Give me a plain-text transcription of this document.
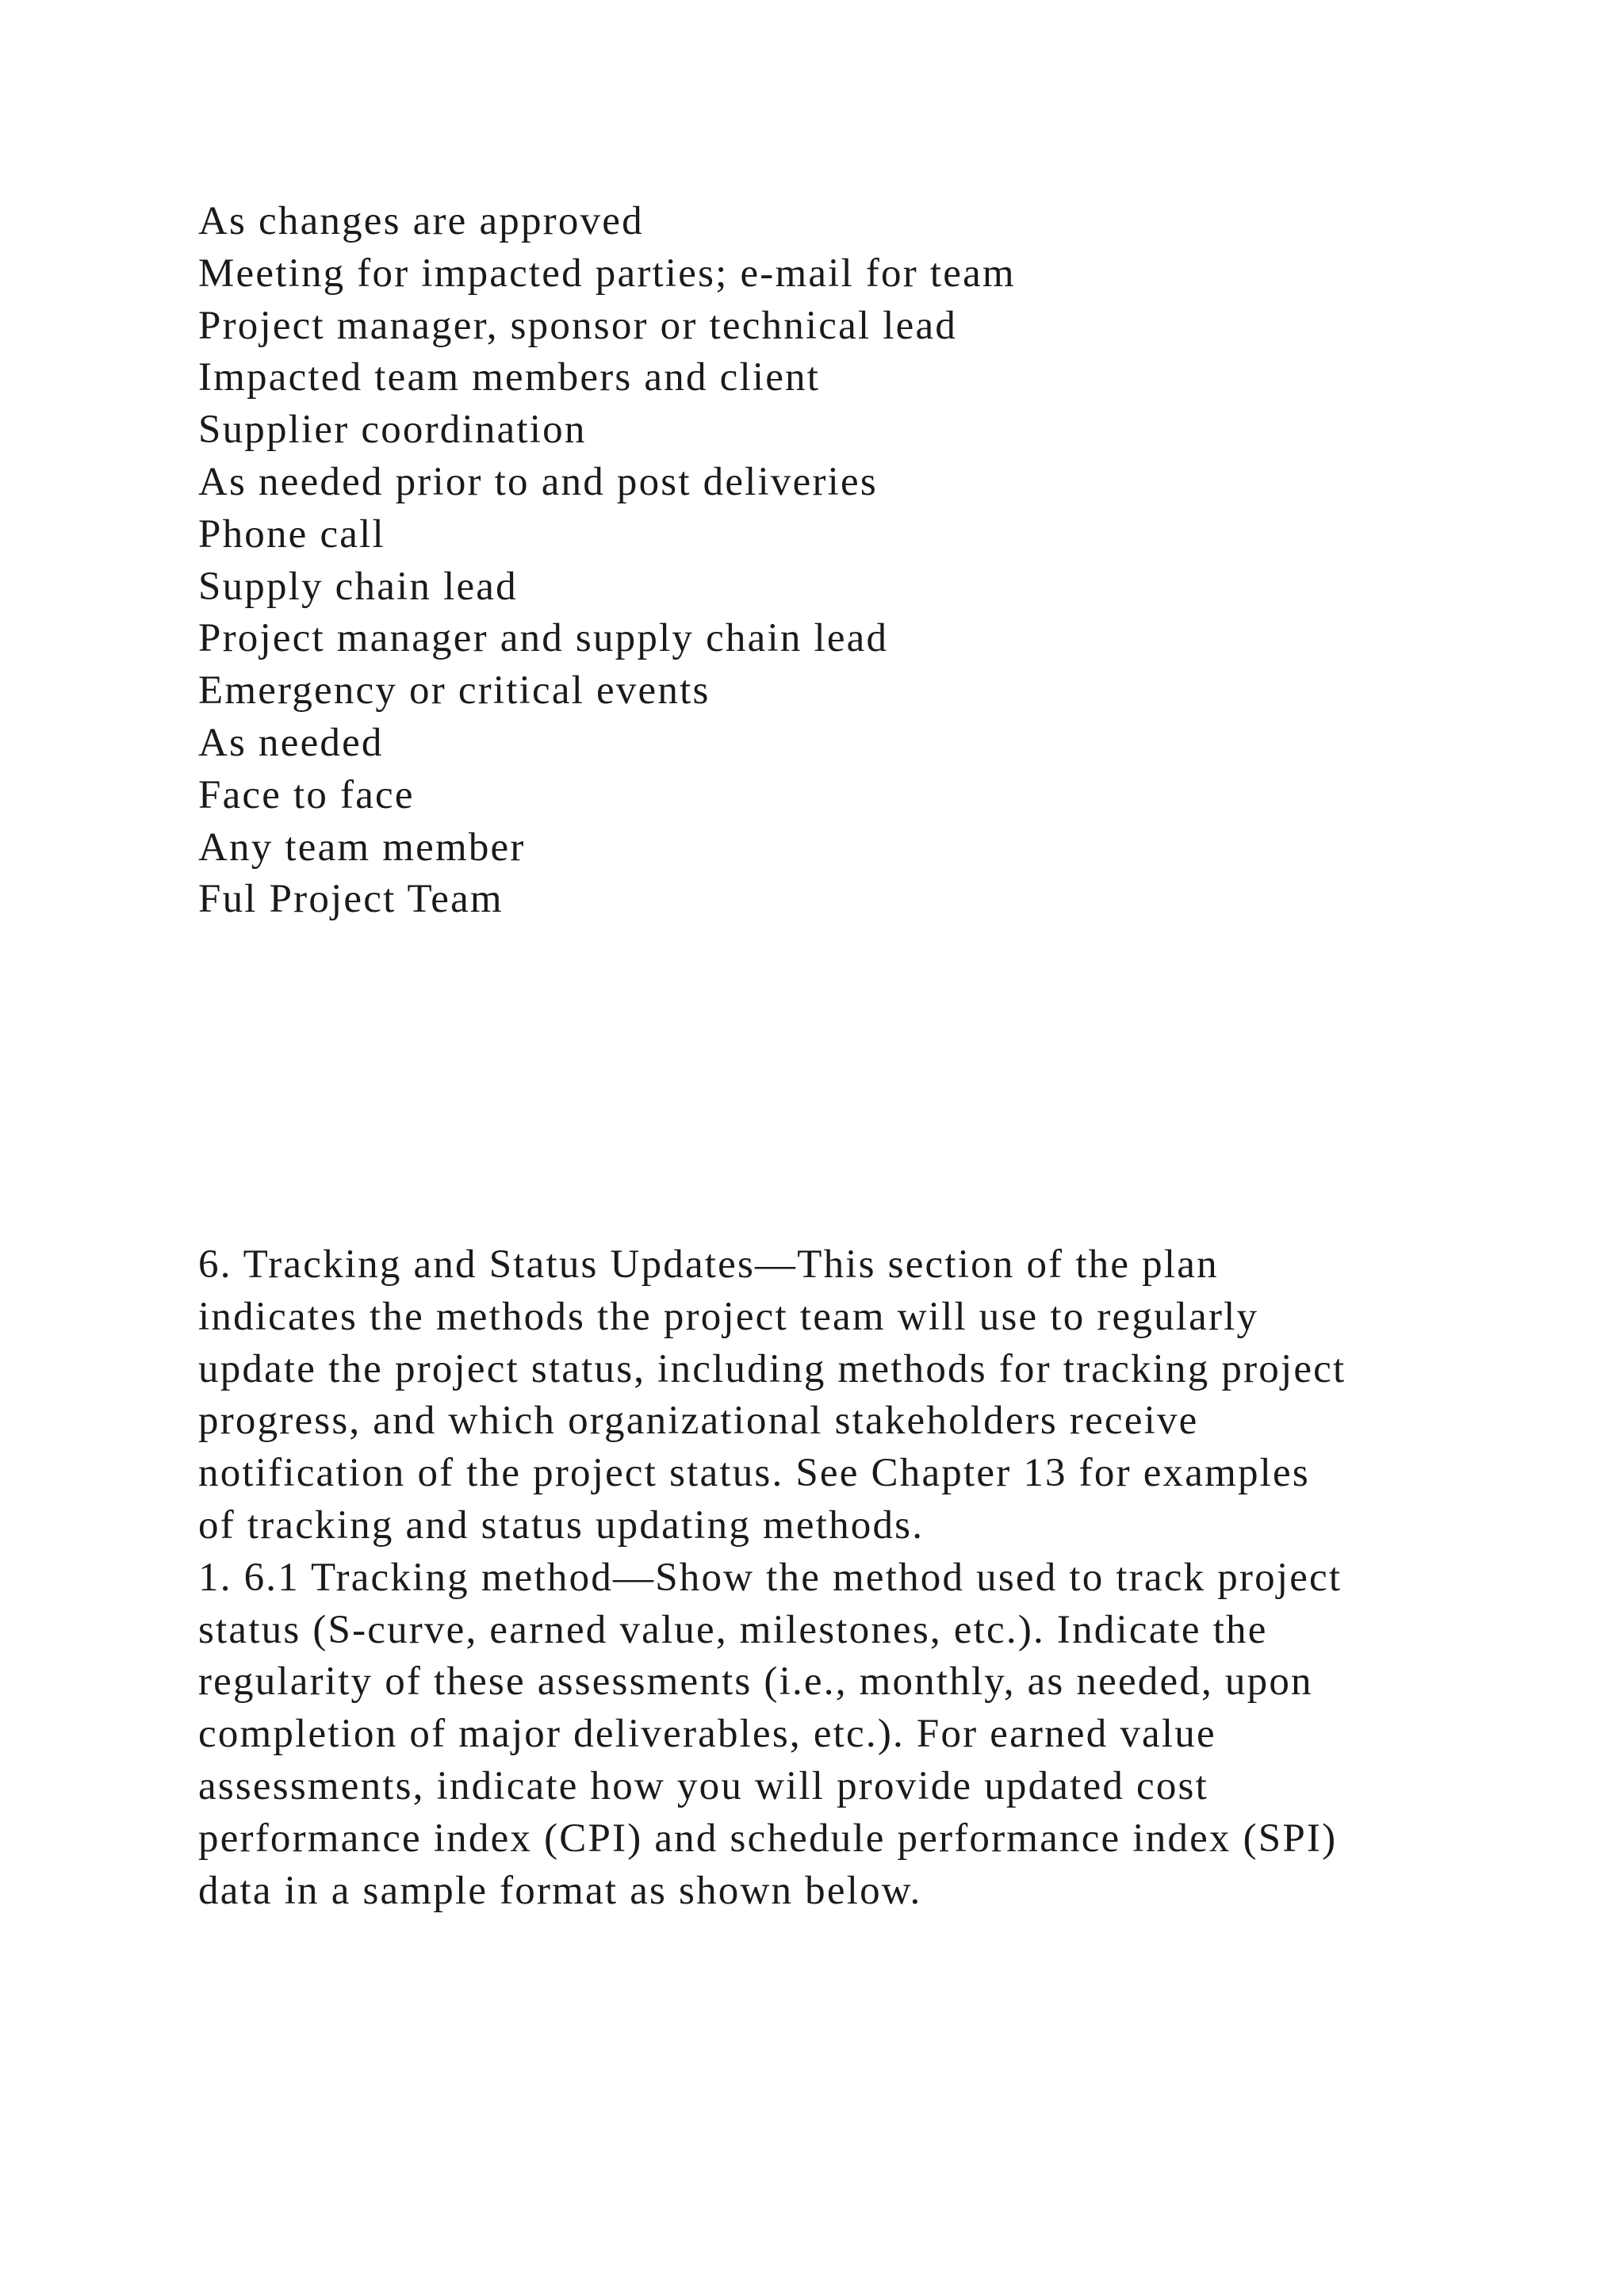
As changes are approved
Meeting for impacted parties; e-mail for team
Project manager, sponsor or technical lead
Impacted team members and client
Supplier coordination
As needed prior to and post deliveries
Phone call
Supply chain lead
Project manager and supply chain lead
Emergency or critical events
As needed
Face to face
Any team member
Ful Project Team
6. Tracking and Status Updates—This section of the plan
indicates the methods the project team will use to regularly
update the project status, including methods for tracking project
progress, and which organizational stakeholders receive
notification of the project status. See Chapter 13 for examples
of tracking and status updating methods.
1. 6.1 Tracking method—Show the method used to track project
status (S-curve, earned value, milestones, etc.). Indicate the
regularity of these assessments (i.e., monthly, as needed, upon
completion of major deliverables, etc.). For earned value
assessments, indicate how you will provide updated cost
performance index (CPI) and schedule performance index (SPI)
data in a sample format as shown below.
